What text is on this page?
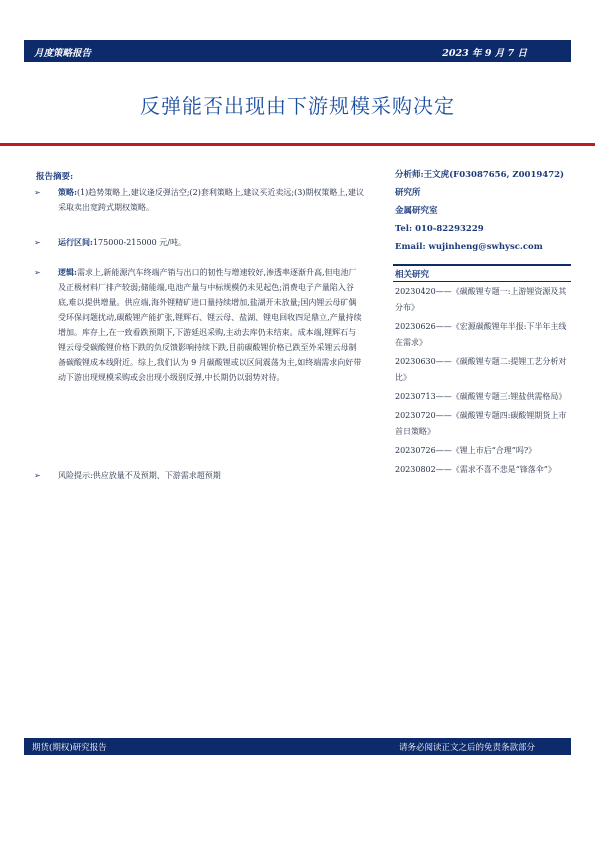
月度策略报告	2023 年 9 月 7 日
反弹能否出现由下游规模采购决定
报告摘要:
➢ 策略:(1)趋势策略上,建议逢反弹沽空;(2)套利策略上,建议买近卖远;(3)期权策略上,建议采取卖出宽跨式期权策略。
➢ 运行区间:175000-215000 元/吨。
➢ 逻辑:需求上,新能源汽车终端产销与出口的韧性与增速较好,渗透率逐渐升高,但电池厂及正极材料厂排产较弱;储能端,电池产量与中标规模仍未见起色;消费电子产量陷入谷底,难以提供增量。供应端,海外锂精矿进口量持续增加,盐湖开未放量;国内锂云母矿偶受环保问题扰动,碳酸锂产能扩张,锂辉石、锂云母、盐湖、锂电回收四足鼎立,产量持续增加。库存上,在一致看跌预期下,下游延迟采购,主动去库仍未结束。成本端,锂辉石与锂云母受碳酸锂价格下跌的负反馈影响持续下跌,目前碳酸锂价格已跌至外采锂云母制备碳酸锂成本线附近。综上,我们认为 9 月碳酸锂或以区间震荡为主,如终端需求向好带动下游出现规模采购或会出现小级别反弹,中长期仍以弱势对待。
➢ 风险提示:供应放量不及预期、下游需求超预期
分析师:王文虎(F03087656, Z0019472)
研究所
金属研究室
Tel: 010-82293229
Email: wujinheng@swhysc.com
相关研究
20230420——《碳酸锂专题一:上游锂资源及其分布》
20230626——《宏源碳酸锂年半报:下半年主线在需求》
20230630——《碳酸锂专题二:提锂工艺分析对比》
20230713——《碳酸锂专题三:锂盐供需格局》
20230720——《碳酸锂专题四:碳酸锂期货上市首日策略》
20230726——《锂上市后“合理”吗?》
20230802——《需求不喜不悲是“锋落伞”》
期货(期权)研究报告	请务必阅读正文之后的免责条款部分
